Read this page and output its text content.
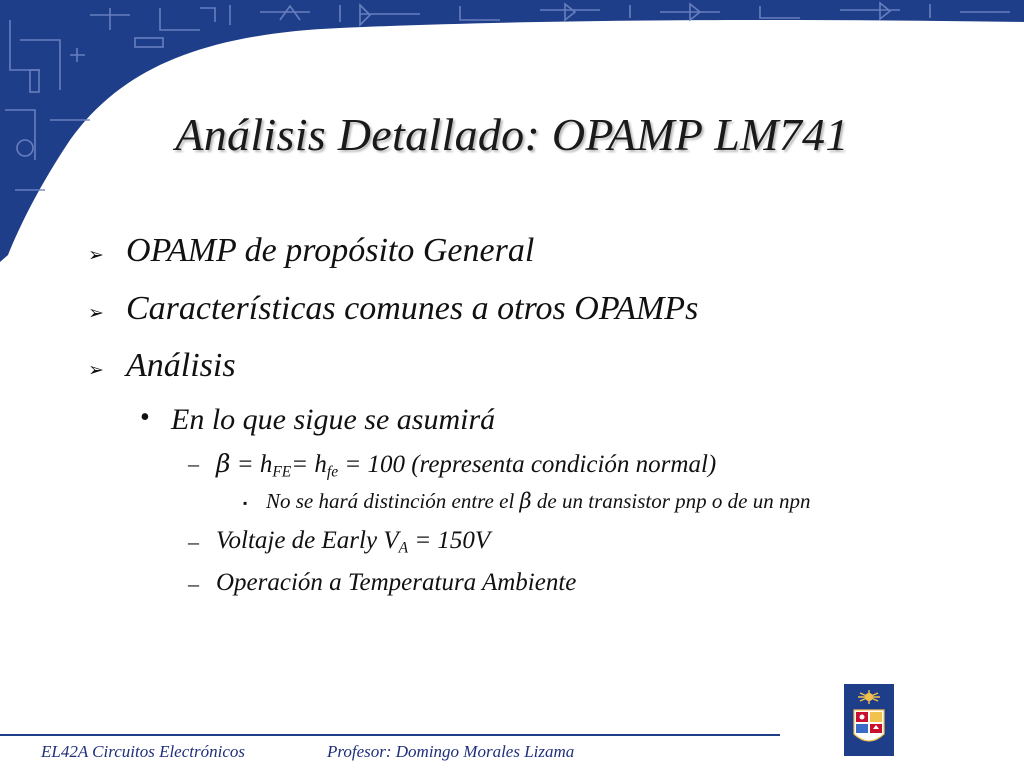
Análisis Detallado: OPAMP LM741
➢ OPAMP de propósito General
➢ Características comunes a otros OPAMPs
➢ Análisis
• En lo que sigue se asumirá
– $\beta = h_{FE}= h_{fe} = 100$ (representa condición normal)
▪ No se hará distinción entre el β de un transistor pnp o de un npn
– Voltaje de Early $V_A = 150V$
– Operación a Temperatura Ambiente
EL42A Circuitos Electrónicos	Profesor: Domingo Morales Lizama
